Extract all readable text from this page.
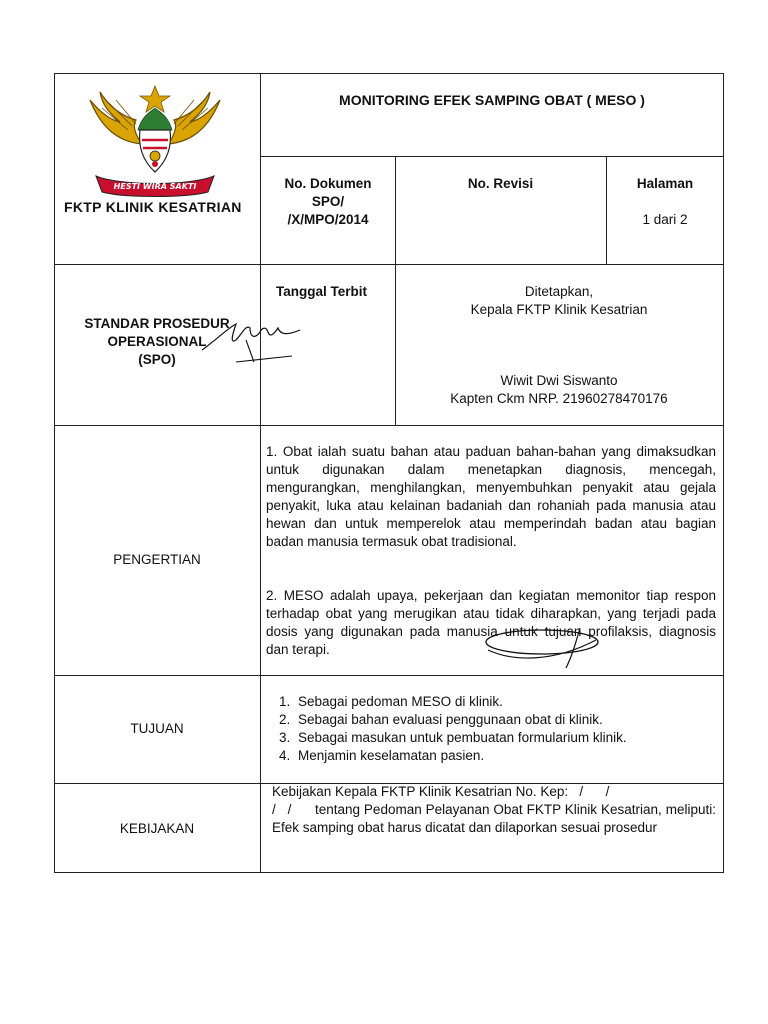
FKTP KLINIK KESATRIAN
HESTI WIRA SAKTI
MONITORING EFEK SAMPING OBAT ( MESO )
No. Dokumen
SPO/
/X/MPO/2014
No. Revisi	Halaman
1 dari 2
STANDAR PROSEDUR
OPERASIONAL
(SPO)
Tanggal Terbit	Ditetapkan,
Kepala FKTP Klinik Kesatrian
Wiwit Dwi Siswanto
Kapten Ckm NRP. 21960278470176
PENGERTIAN
1. Obat ialah suatu bahan atau paduan bahan-bahan yang dimaksudkan untuk digunakan dalam menetapkan diagnosis, mencegah, mengurangkan, menghilangkan, menyembuhkan penyakit atau gejala penyakit, luka atau kelainan badaniah dan rohaniah pada manusia atau hewan dan untuk memperelok atau memperindah badan atau bagian badan manusia termasuk obat tradisional.
2. MESO adalah upaya, pekerjaan dan kegiatan memonitor tiap respon terhadap obat yang merugikan atau tidak diharapkan, yang terjadi pada dosis yang digunakan pada manusia untuk tujuan profilaksis, diagnosis dan terapi.
TUJUAN
1. Sebagai pedoman MESO di klinik.
2. Sebagai bahan evaluasi penggunaan obat di klinik.
3. Sebagai masukan untuk pembuatan formularium klinik.
4. Menjamin keselamatan pasien.
KEBIJAKAN
Kebijakan Kepala FKTP Klinik Kesatrian No. Kep:   /      /
/   /      tentang Pedoman Pelayanan Obat FKTP Klinik Kesatrian, meliputi: Efek samping obat harus dicatat dan dilaporkan sesuai prosedur
